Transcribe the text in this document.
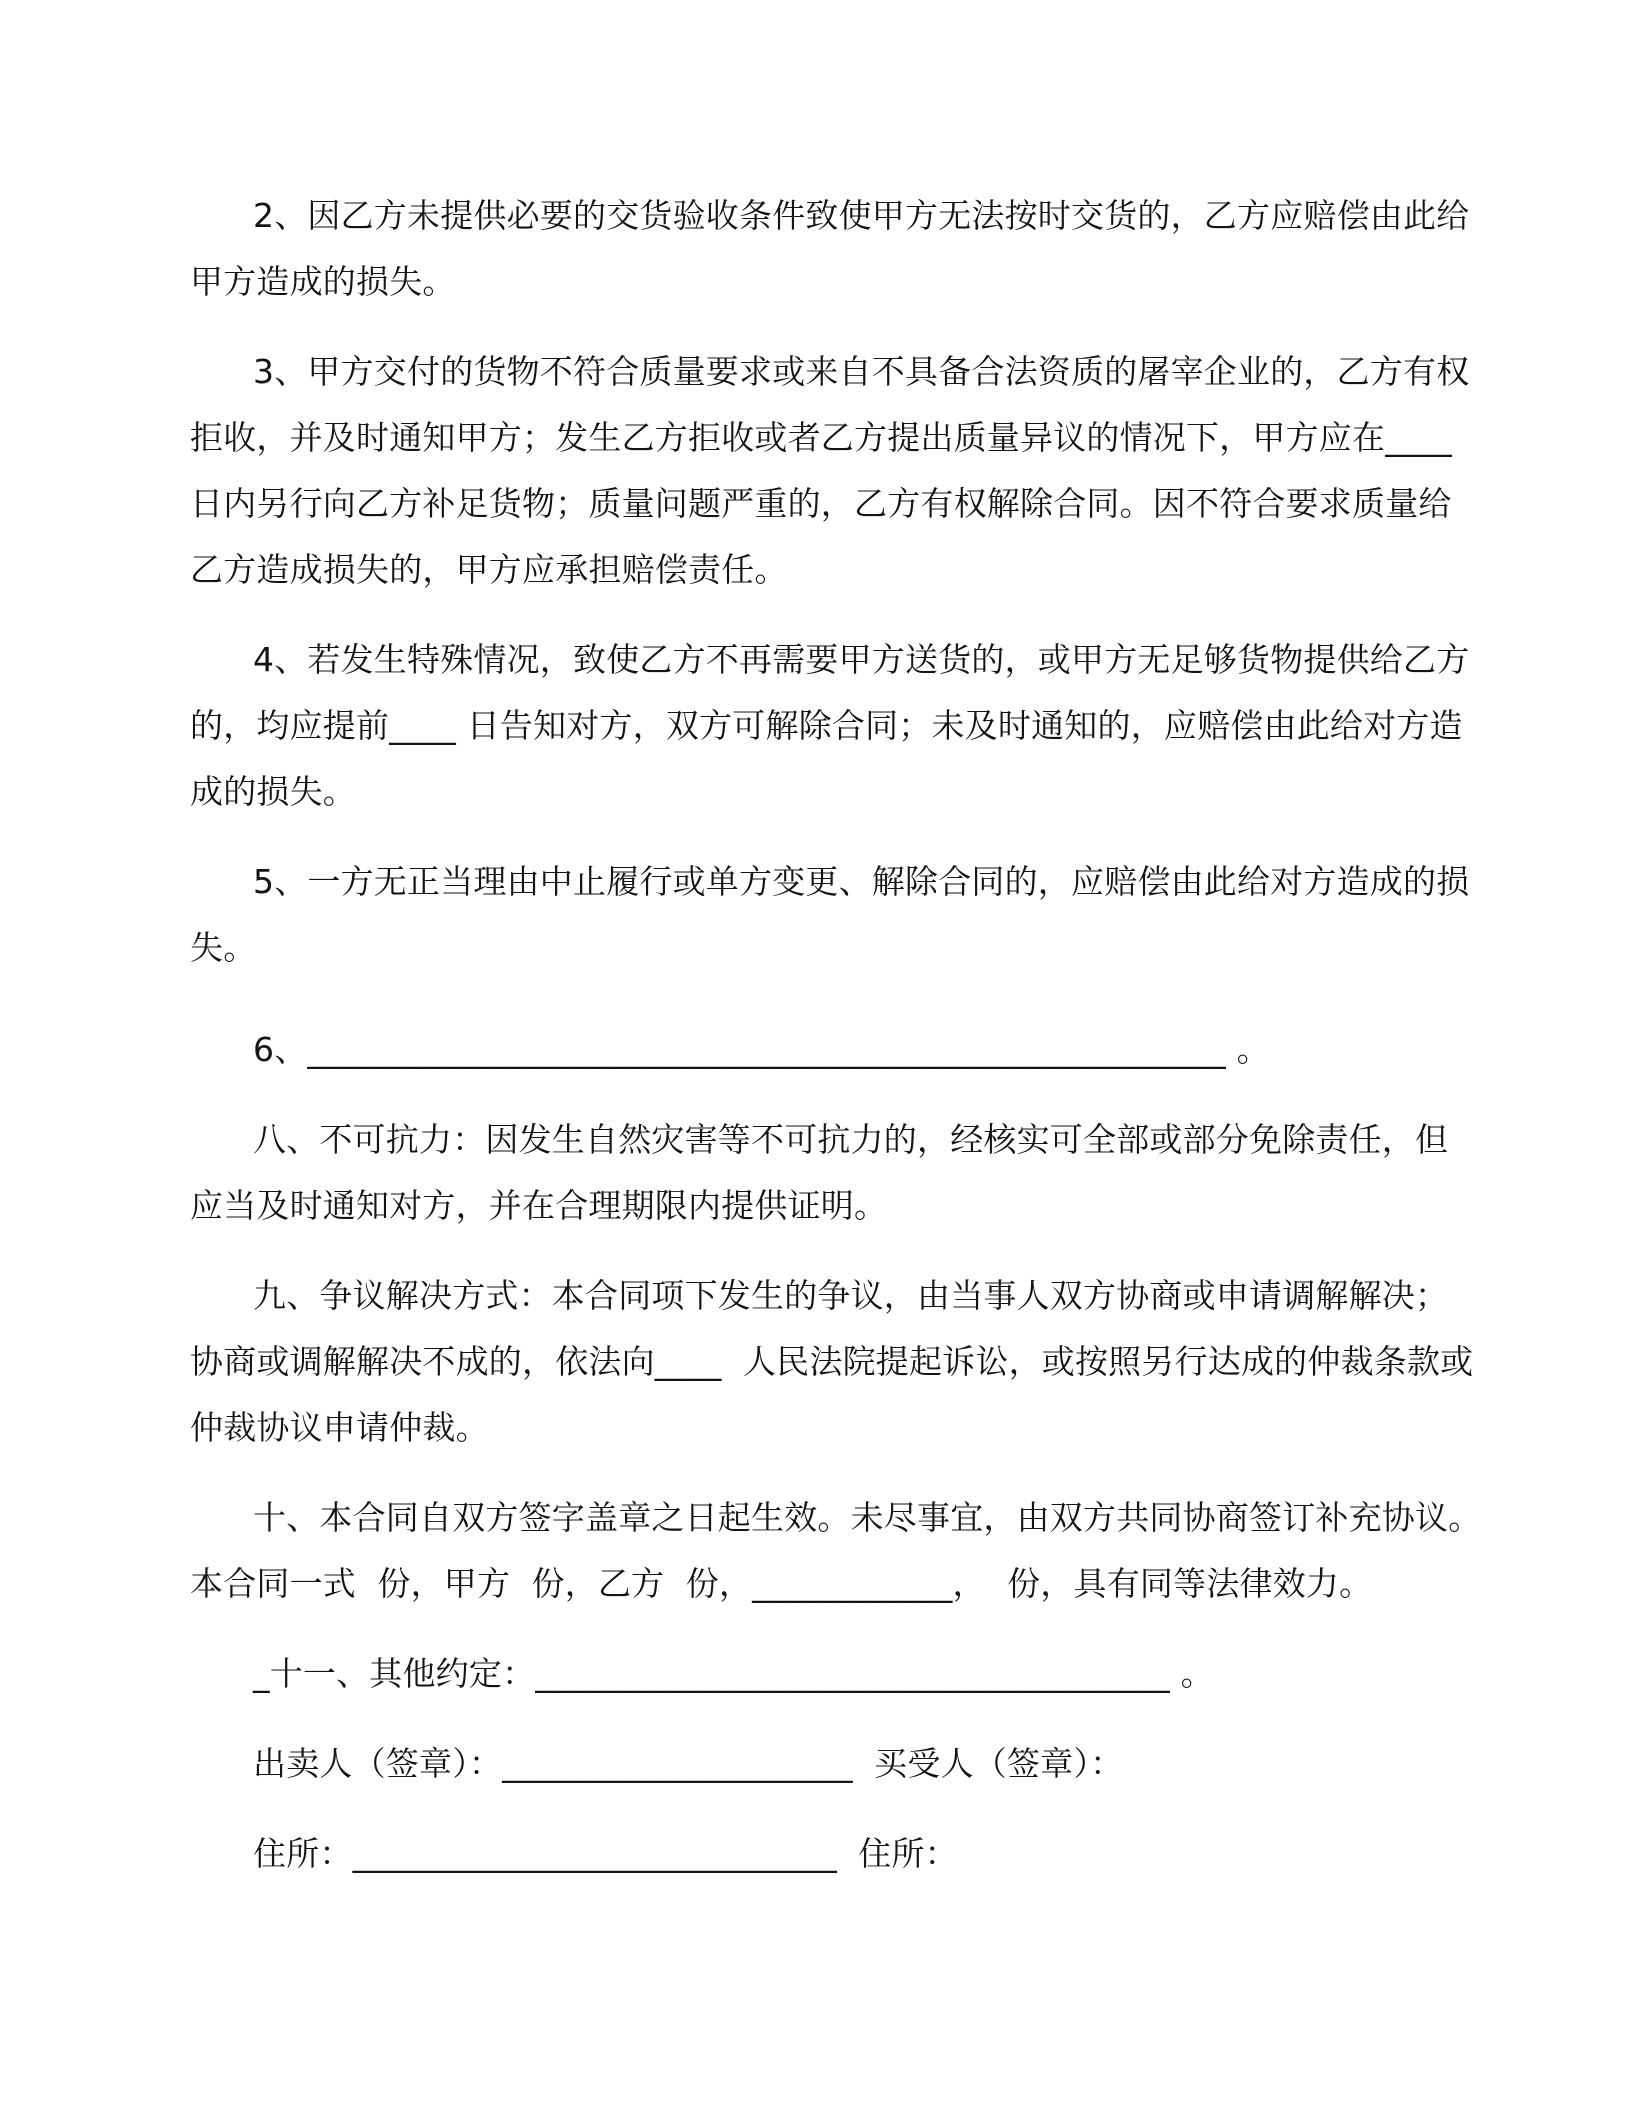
2、因乙方未提供必要的交货验收条件致使甲方无法按时交货的，乙方应赔偿由此给
甲方造成的损失。
3、甲方交付的货物不符合质量要求或来自不具备合法资质的屠宰企业的，乙方有权
拒收，并及时通知甲方；发生乙方拒收或者乙方提出质量异议的情况下，甲方应在____
日内另行向乙方补足货物；质量问题严重的，乙方有权解除合同。因不符合要求质量给
乙方造成损失的，甲方应承担赔偿责任。
4、若发生特殊情况，致使乙方不再需要甲方送货的，或甲方无足够货物提供给乙方
的，均应提前____ 日告知对方，双方可解除合同；未及时通知的，应赔偿由此给对方造
成的损失。
5、一方无正当理由中止履行或单方变更、解除合同的，应赔偿由此给对方造成的损
失。
6、_______________________________________________________ 。
八、不可抗力：因发生自然灾害等不可抗力的，经核实可全部或部分免除责任，但
应当及时通知对方，并在合理期限内提供证明。
九、争议解决方式：本合同项下发生的争议，由当事人双方协商或申请调解解决；
协商或调解解决不成的，依法向____  人民法院提起诉讼，或按照另行达成的仲裁条款或
仲裁协议申请仲裁。
十、本合同自双方签字盖章之日起生效。未尽事宜，由双方共同协商签订补充协议。
本合同一式  份，甲方  份，乙方  份，____________，  份，具有同等法律效力。
_十一、其他约定：______________________________________ 。
出卖人（签章）：_____________________  买受人（签章）：
住所：_____________________________  住所：
